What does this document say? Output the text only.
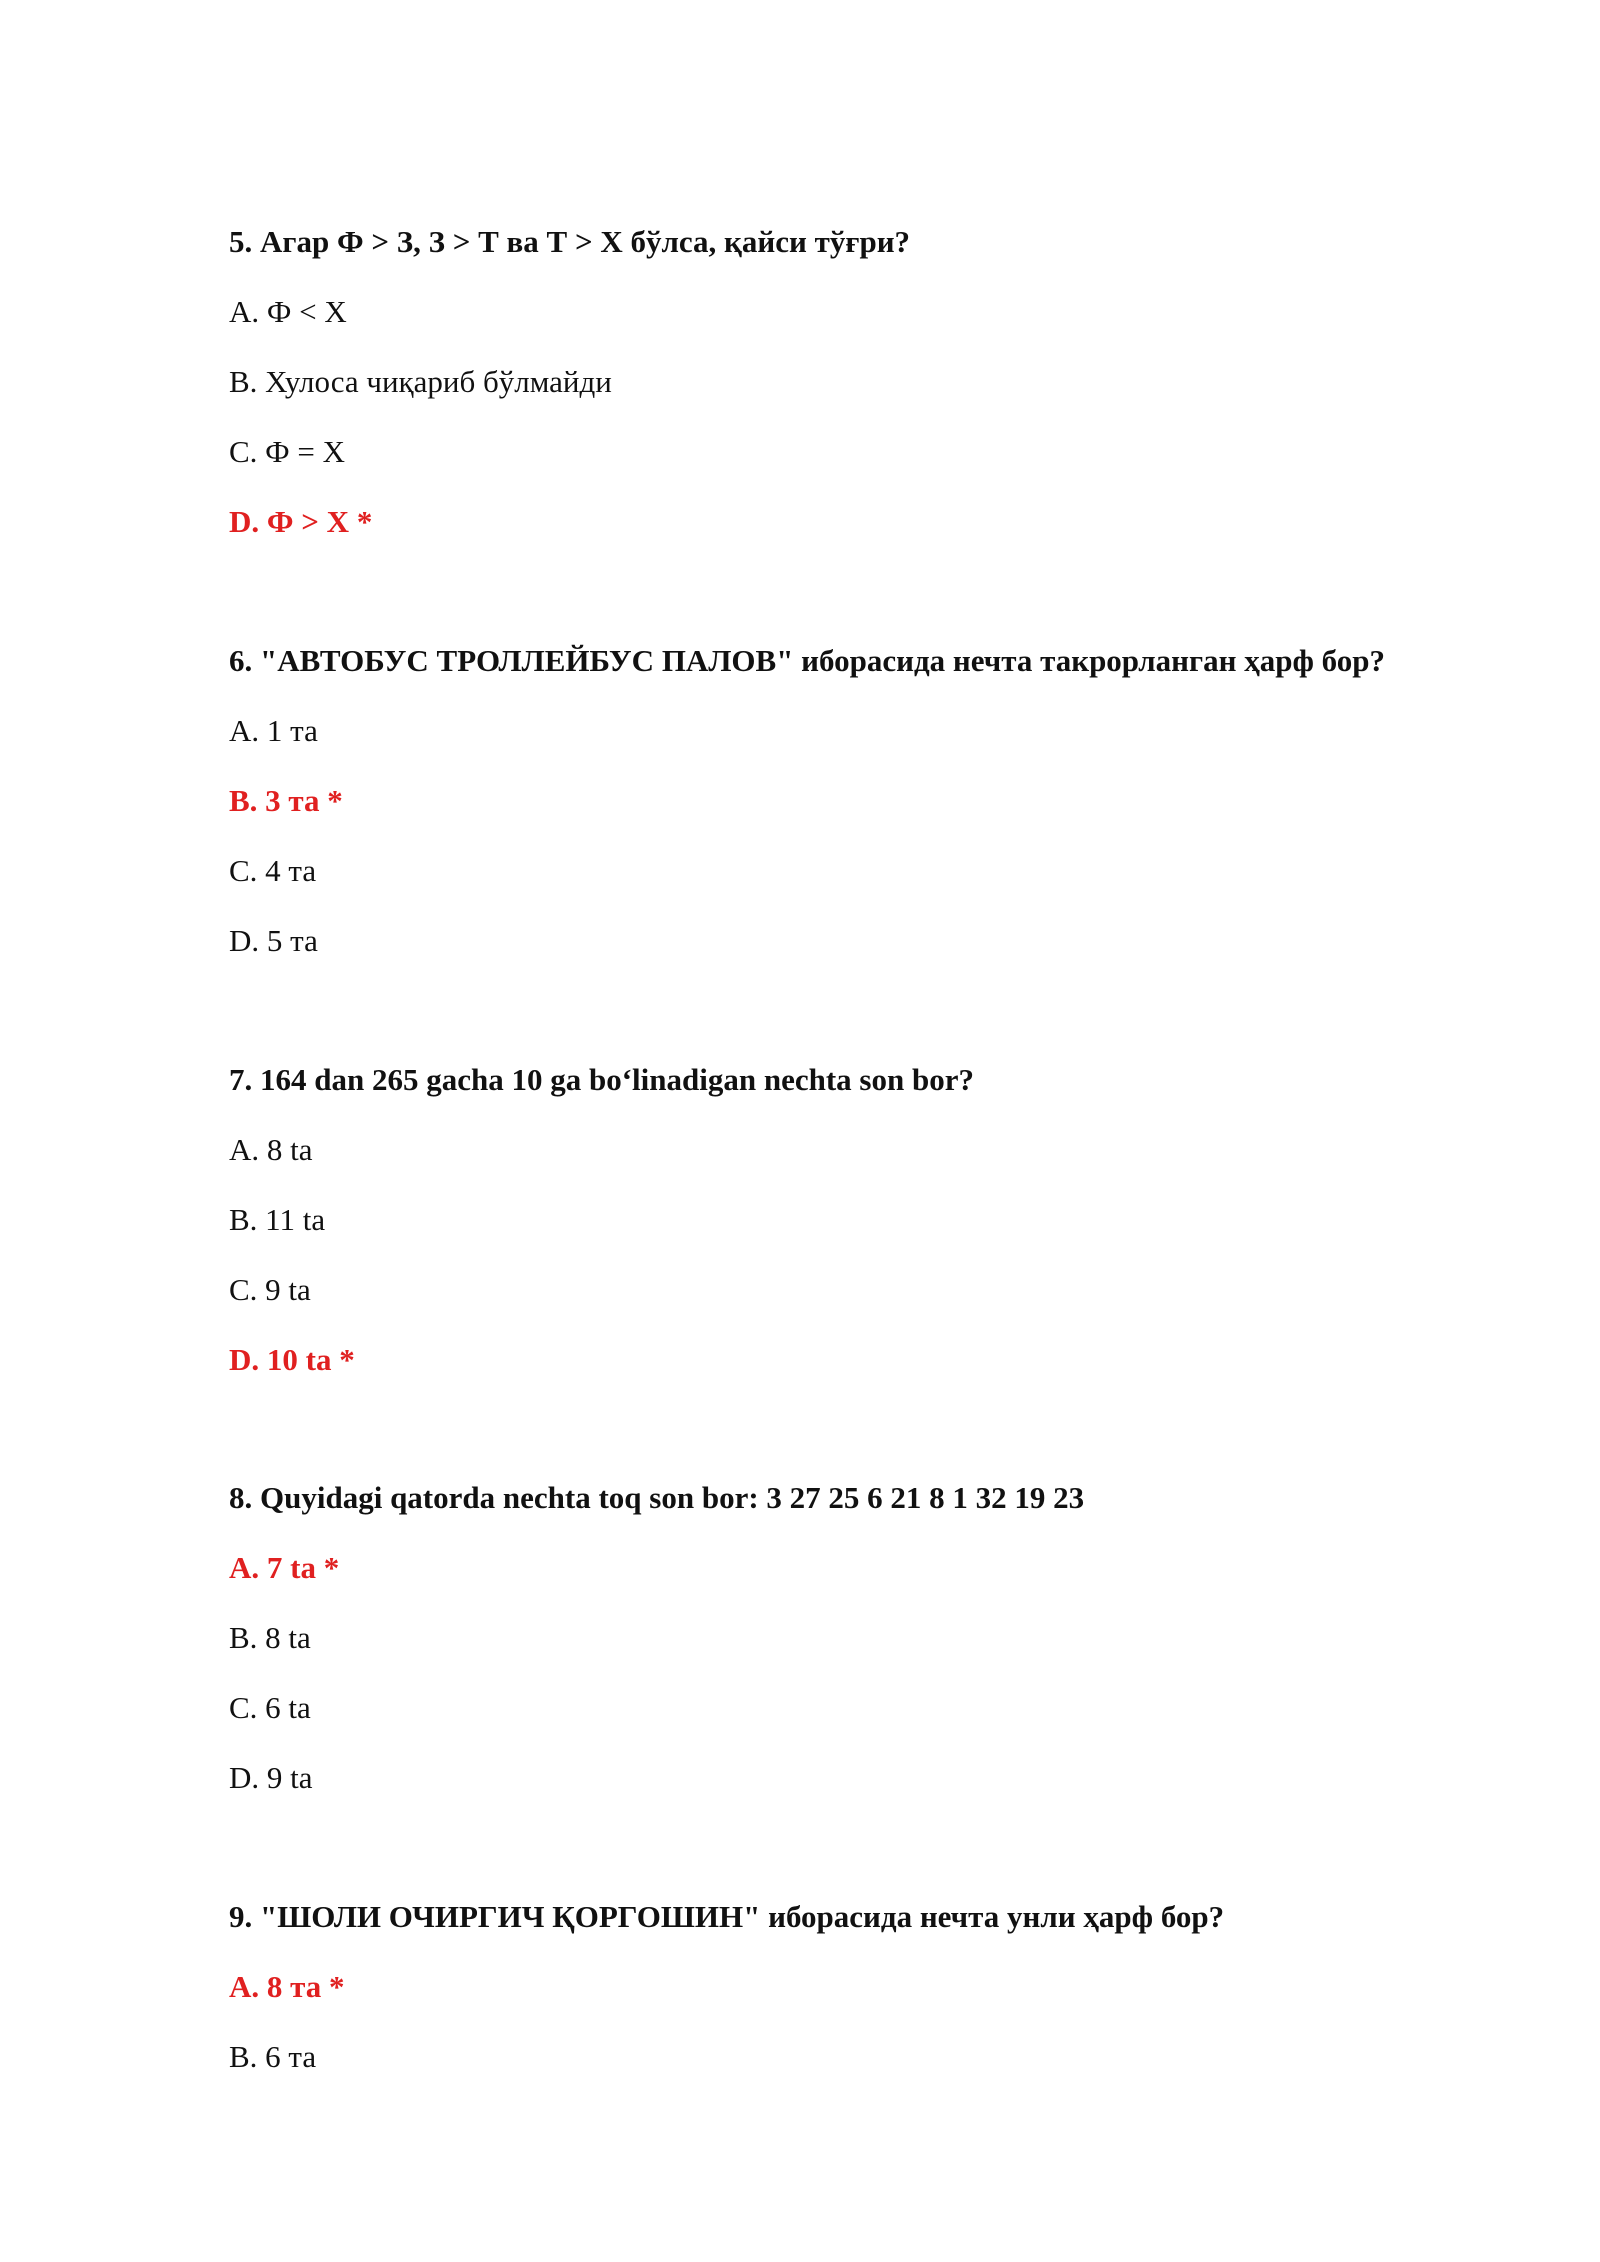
5. Агар Ф > З, З > Т ва Т > Х бўлса, қайси тўғри?
A. Ф < Х
B. Хулоса чиқариб бўлмайди
C. Ф = Х
D. Ф > Х *
6. "АВТОБУС ТРОЛЛЕЙБУС ПАЛОВ" иборасида нечта такрорланган ҳарф бор?
A. 1 та
B. 3 та *
C. 4 та
D. 5 та
7. 164 dan 265 gacha 10 ga bo‘linadigan nechta son bor?
A. 8 ta
B. 11 ta
C. 9 ta
D. 10 ta *
8. Quyidagi qatorda nechta toq son bor: 3 27 25 6 21 8 1 32 19 23
A. 7 ta *
B. 8 ta
C. 6 ta
D. 9 ta
9. "ШОЛИ ОЧИРГИЧ ҚОРГОШИН" иборасида нечта унли ҳарф бор?
A. 8 та *
B. 6 та
